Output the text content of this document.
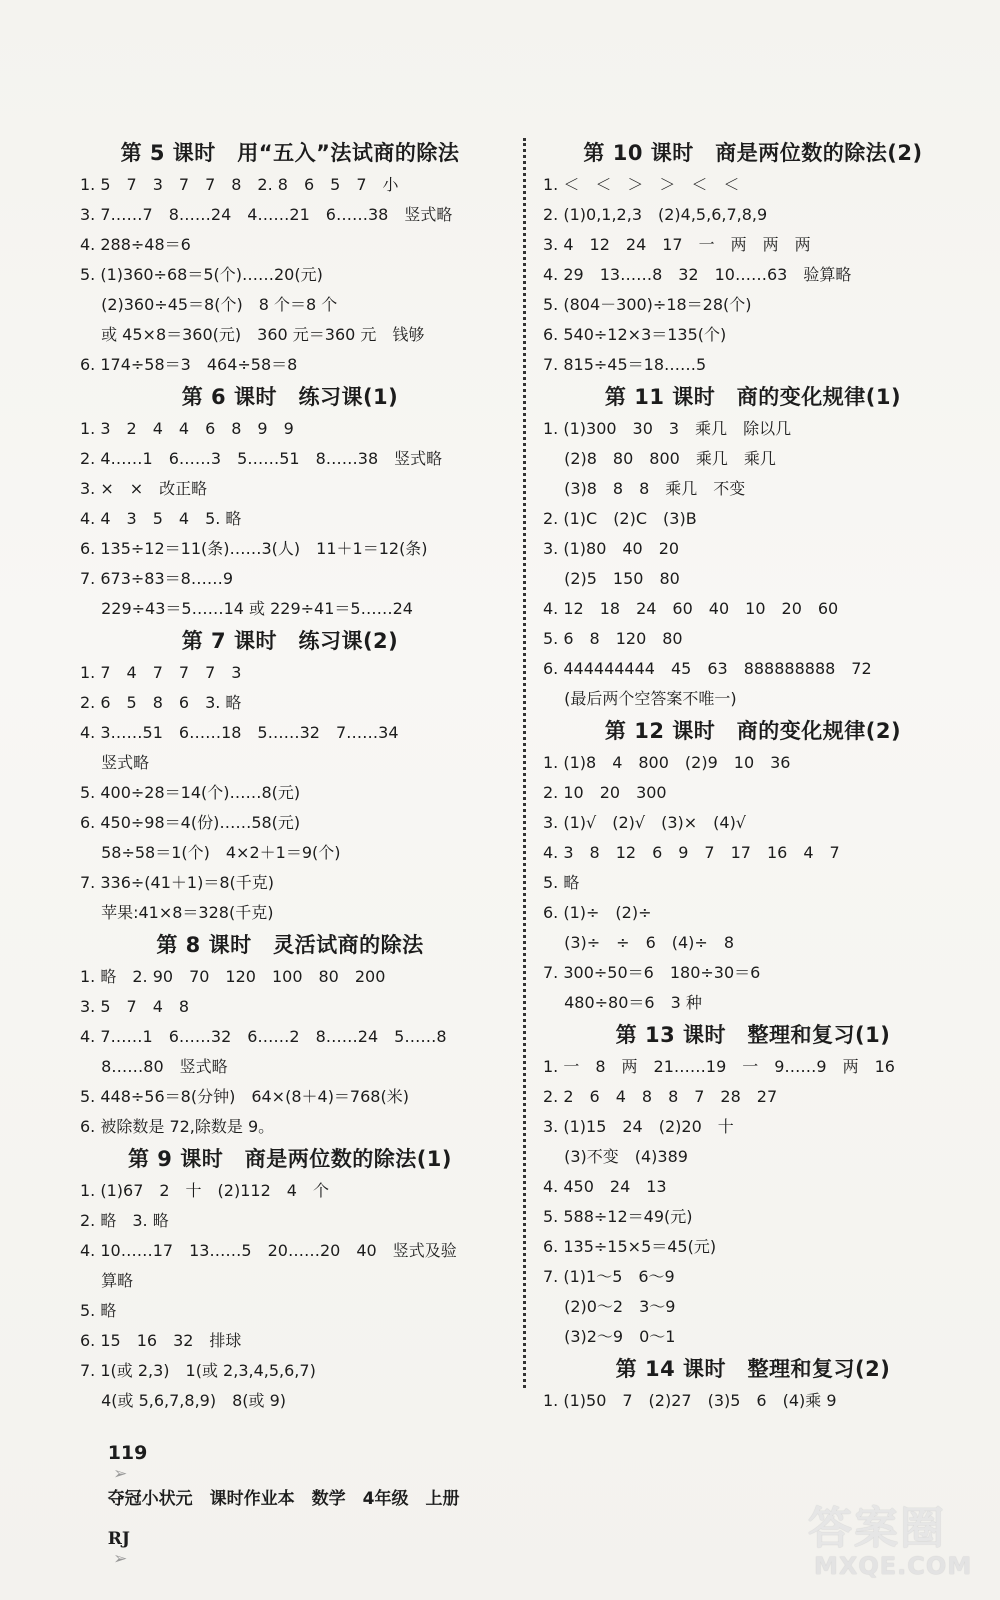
第 5 课时　用“五入”法试商的除法
1. 5　7　3　7　7　8　2. 8　6　5　7　小
3. 7……7　8……24　4……21　6……38　竖式略
4. 288÷48＝6
5. (1)360÷68＝5(个)……20(元)
　 (2)360÷45＝8(个)　8 个＝8 个
　 或 45×8＝360(元)　360 元＝360 元　钱够
6. 174÷58＝3　464÷58＝8
第 6 课时　练习课(1)
1. 3　2　4　4　6　8　9　9
2. 4……1　6……3　5……51　8……38　竖式略
3. ×　×　改正略
4. 4　3　5　4　5. 略
6. 135÷12＝11(条)……3(人)　11＋1＝12(条)
7. 673÷83＝8……9
　 229÷43＝5……14 或 229÷41＝5……24
第 7 课时　练习课(2)
1. 7　4　7　7　7　3
2. 6　5　8　6　3. 略
4. 3……51　6……18　5……32　7……34
　 竖式略
5. 400÷28＝14(个)……8(元)
6. 450÷98＝4(份)……58(元)
　 58÷58＝1(个)　4×2＋1＝9(个)
7. 336÷(41＋1)＝8(千克)
　 苹果:41×8＝328(千克)
第 8 课时　灵活试商的除法
1. 略　2. 90　70　120　100　80　200
3. 5　7　4　8
4. 7……1　6……32　6……2　8……24　5……8
　 8……80　竖式略
5. 448÷56＝8(分钟)　64×(8＋4)＝768(米)
6. 被除数是 72,除数是 9。
第 9 课时　商是两位数的除法(1)
1. (1)67　2　十　(2)112　4　个
2. 略　3. 略
4. 10……17　13……5　20……20　40　竖式及验
　 算略
5. 略
6. 15　16　32　排球
7. 1(或 2,3)　1(或 2,3,4,5,6,7)
　 4(或 5,6,7,8,9)　8(或 9)
第 10 课时　商是两位数的除法(2)
1. ＜　＜　＞　＞　＜　＜
2. (1)0,1,2,3　(2)4,5,6,7,8,9
3. 4　12　24　17　一　两　两　两
4. 29　13……8　32　10……63　验算略
5. (804－300)÷18＝28(个)
6. 540÷12×3＝135(个)
7. 815÷45＝18……5
第 11 课时　商的变化规律(1)
1. (1)300　30　3　乘几　除以几
　 (2)8　80　800　乘几　乘几
　 (3)8　8　8　乘几　不变
2. (1)C　(2)C　(3)B
3. (1)80　40　20
　 (2)5　150　80
4. 12　18　24　60　40　10　20　60
5. 6　8　120　80
6. 444444444　45　63　888888888　72
　 (最后两个空答案不唯一)
第 12 课时　商的变化规律(2)
1. (1)8　4　800　(2)9　10　36
2. 10　20　300
3. (1)√　(2)√　(3)×　(4)√
4. 3　8　12　6　9　7　17　16　4　7
5. 略
6. (1)÷　(2)÷
　 (3)÷　÷　6　(4)÷　8
7. 300÷50＝6　180÷30＝6
　 480÷80＝6　3 种
第 13 课时　整理和复习(1)
1. 一　8　两　21……19　一　9……9　两　16
2. 2　6　4　8　8　7　28　27
3. (1)15　24　(2)20　十
　 (3)不变　(4)389
4. 450　24　13
5. 588÷12＝49(元)
6. 135÷15×5＝45(元)
7. (1)1～5　6～9
　 (2)0～2　3～9
　 (3)2～9　0～1
第 14 课时　整理和复习(2)
1. (1)50　7　(2)27　(3)5　6　(4)乘 9

119
➢
夺冠小状元　课时作业本　数学　4年级　上册

RJ
➢

答案圈
MXQE.COM
